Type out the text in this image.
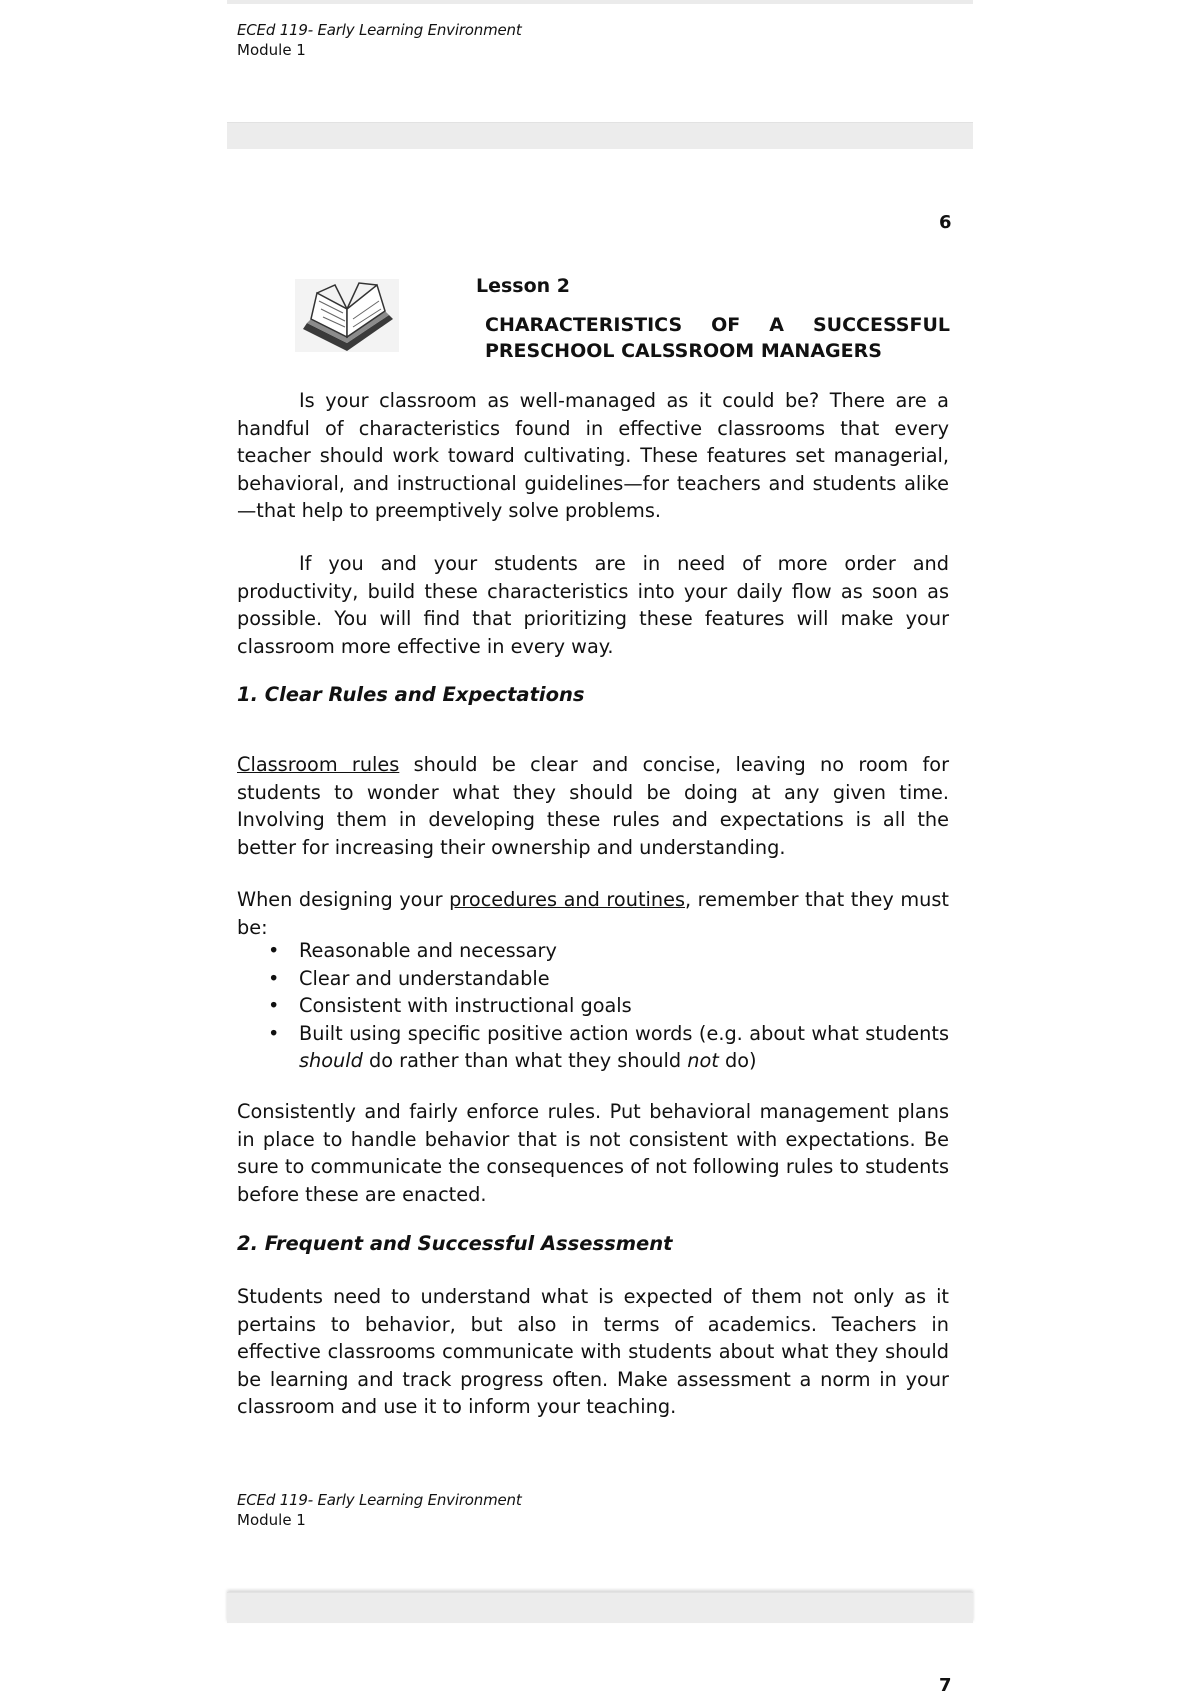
ECEd 119- Early Learning Environment
Module 1
6
Lesson 2
CHARACTERISTICS OF A SUCCESSFUL
PRESCHOOL CALSSROOM MANAGERS

Is your classroom as well-managed as it could be? There are a handful of characteristics found in effective classrooms that every teacher should work toward cultivating. These features set managerial, behavioral, and instructional guidelines—for teachers and students alike—that help to preemptively solve problems.

If you and your students are in need of more order and productivity, build these characteristics into your daily flow as soon as possible. You will find that prioritizing these features will make your classroom more effective in every way.

1. Clear Rules and Expectations

Classroom rules should be clear and concise, leaving no room for students to wonder what they should be doing at any given time. Involving them in developing these rules and expectations is all the better for increasing their ownership and understanding.

When designing your procedures and routines, remember that they must be:

• Reasonable and necessary
• Clear and understandable
• Consistent with instructional goals
• Built using specific positive action words (e.g. about what students should do rather than what they should not do)

Consistently and fairly enforce rules. Put behavioral management plans in place to handle behavior that is not consistent with expectations. Be sure to communicate the consequences of not following rules to students before these are enacted.

2. Frequent and Successful Assessment

Students need to understand what is expected of them not only as it pertains to behavior, but also in terms of academics. Teachers in effective classrooms communicate with students about what they should be learning and track progress often. Make assessment a norm in your classroom and use it to inform your teaching.

ECEd 119- Early Learning Environment
Module 1
7
